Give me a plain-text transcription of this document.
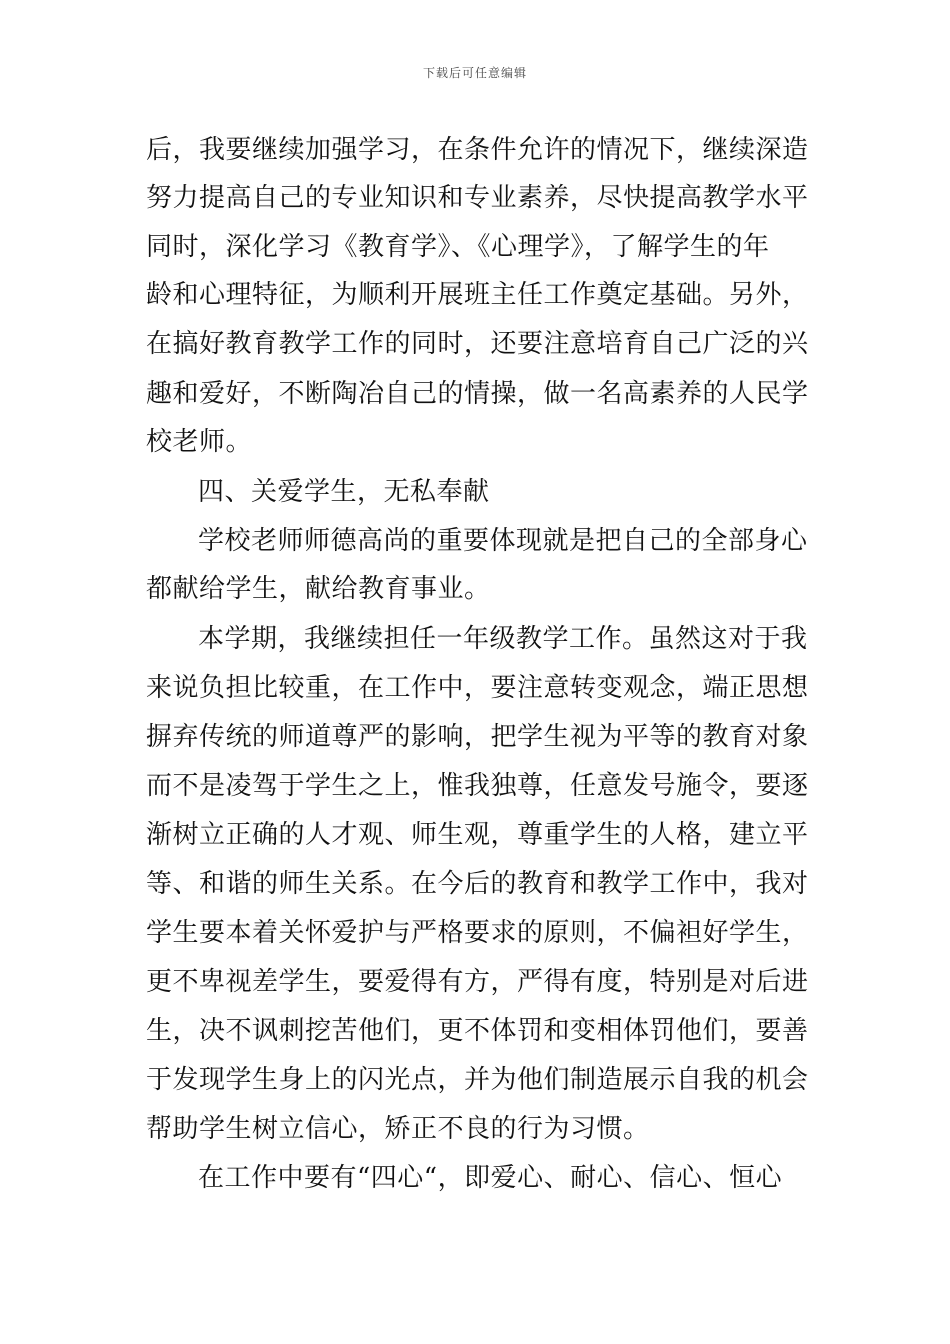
下载后可任意编辑
后，我要继续加强学习，在条件允许的情况下，继续深造
努力提高自己的专业知识和专业素养，尽快提高教学水平
同时，深化学习《教育学》、《心理学》，了解学生的年
龄和心理特征，为顺利开展班主任工作奠定基础。另外，
在搞好教育教学工作的同时，还要注意培育自己广泛的兴
趣和爱好，不断陶冶自己的情操，做一名高素养的人民学
校老师。
四、关爱学生，无私奉献
学校老师师德高尚的重要体现就是把自己的全部身心
都献给学生，献给教育事业。
本学期，我继续担任一年级教学工作。虽然这对于我
来说负担比较重，在工作中，要注意转变观念，端正思想
摒弃传统的师道尊严的影响，把学生视为平等的教育对象
而不是凌驾于学生之上，惟我独尊，任意发号施令，要逐
渐树立正确的人才观、师生观，尊重学生的人格，建立平
等、和谐的师生关系。在今后的教育和教学工作中，我对
学生要本着关怀爱护与严格要求的原则，不偏袒好学生，
更不卑视差学生，要爱得有方，严得有度，特别是对后进
生，决不讽刺挖苦他们，更不体罚和变相体罚他们，要善
于发现学生身上的闪光点，并为他们制造展示自我的机会
帮助学生树立信心，矫正不良的行为习惯。
在工作中要有“四心“，即爱心、耐心、信心、恒心
